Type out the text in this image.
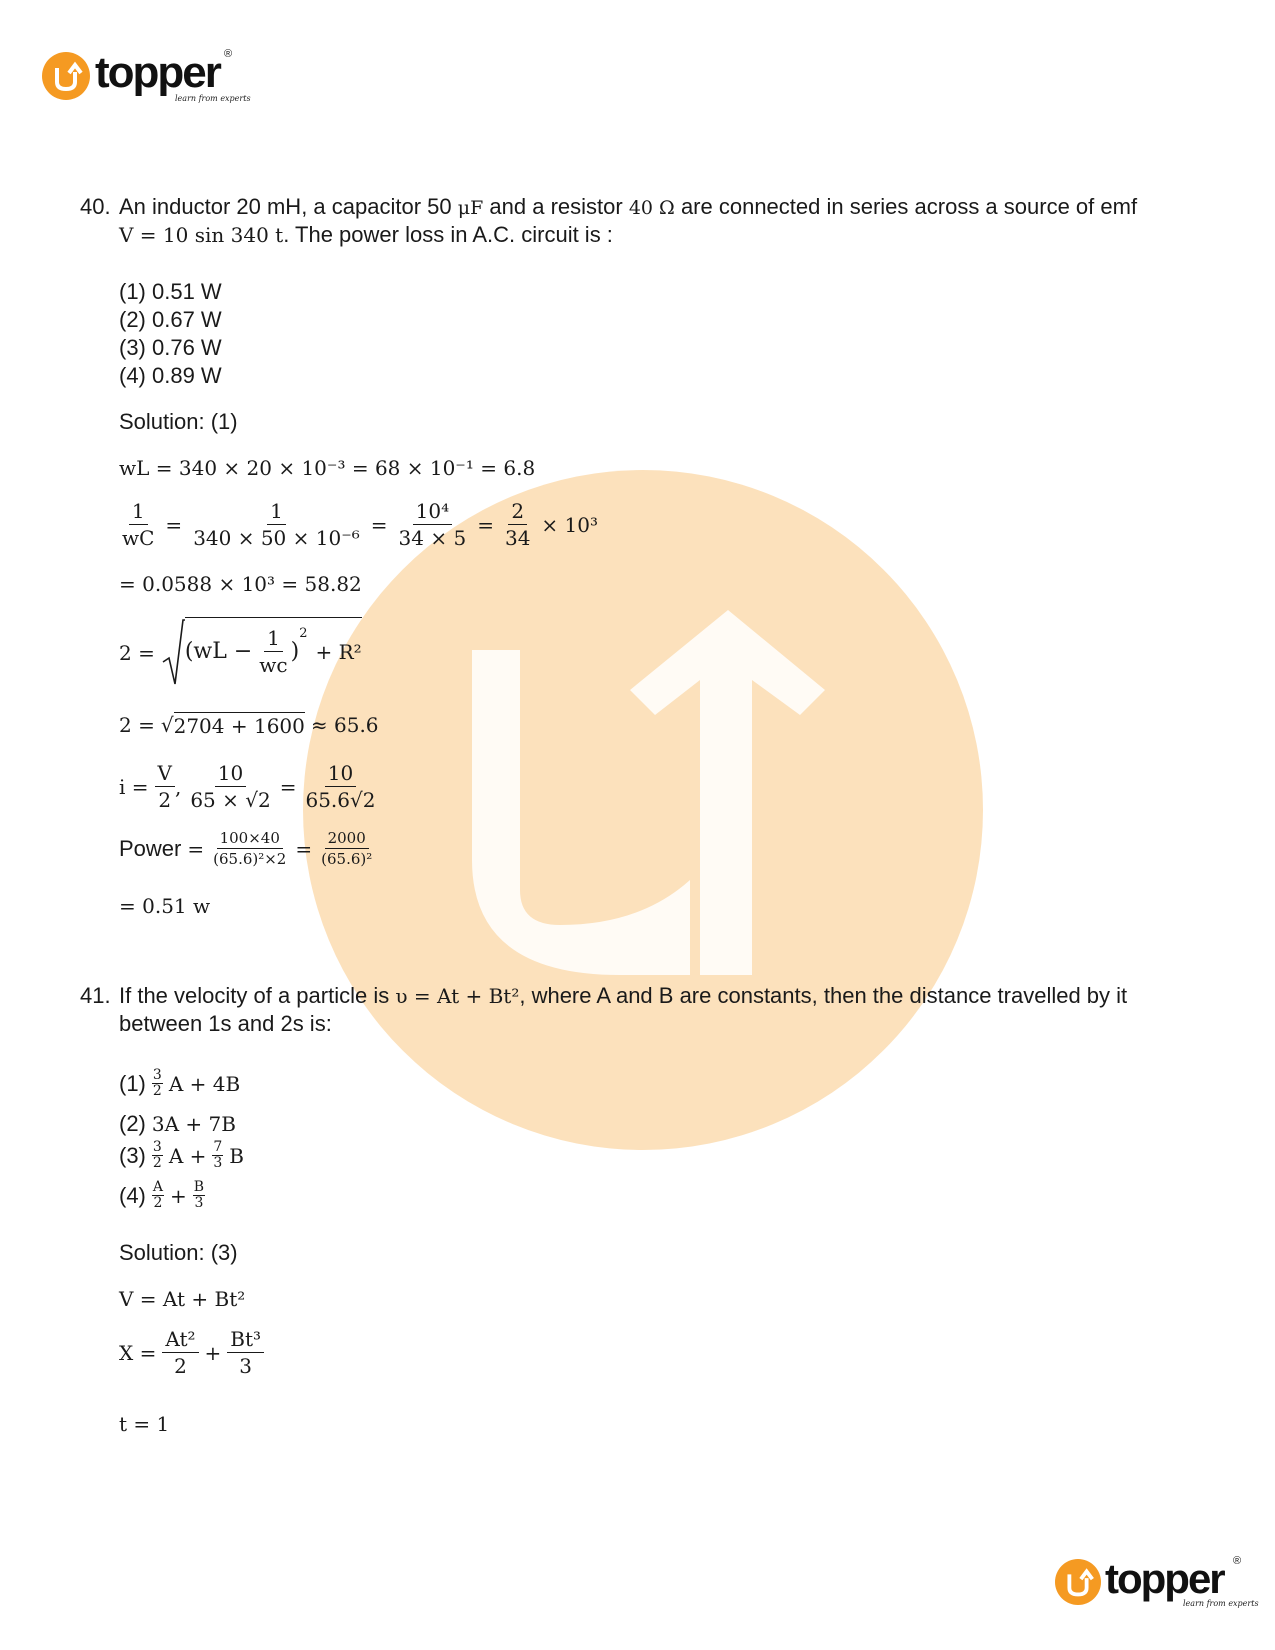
topper ®
learn from experts
topper ®
learn from experts
40. An inductor 20 mH, a capacitor 50 μF and a resistor 40 Ω are connected in series across a source of emf
V = 10 sin 340 t. The power loss in A.C. circuit is :
(1) 0.51 W
(2) 0.67 W
(3) 0.76 W
(4) 0.89 W
Solution: (1)
wL = 340 × 20 × 10⁻³ = 68 × 10⁻¹ = 6.8
$\frac{1}{wC} = \frac{1}{\text{340 × 50 × 10⁻⁶}} = \frac{\text{10⁴}}{34 \times 5} = \frac{2}{34} \times 10^3$
= 0.0588 × 10³ = 58.82
$2 = (wL - \frac{1}{wc}$ )
2
+ R²
2 = √ 2704 + 1600 ≈ 65.6
$i = \frac{V}{2}$ , $\frac{10}{65 \times √2} = \frac{10}{65.6√2}$
Power = $\frac{100\times 40}{\text{(65.6)²×2}} = \frac{2000}{\text{(65.6)²}}$
= 0.51 w
41. If the velocity of a particle is υ = At + Bt², where A and B are constants, then the distance travelled by it
between 1s and 2s is:
(1) 3
2 A + 4B
(2) 3A + 7B
(3) 3
2 $A + \frac{7}{3}$ B
(4) A
$2 + \frac{B}{3}$
Solution: (3)
V = At + Bt²
$X = \frac{\text{At²}}{2} + \frac{\text{Bt³}}{3}$
t = 1
